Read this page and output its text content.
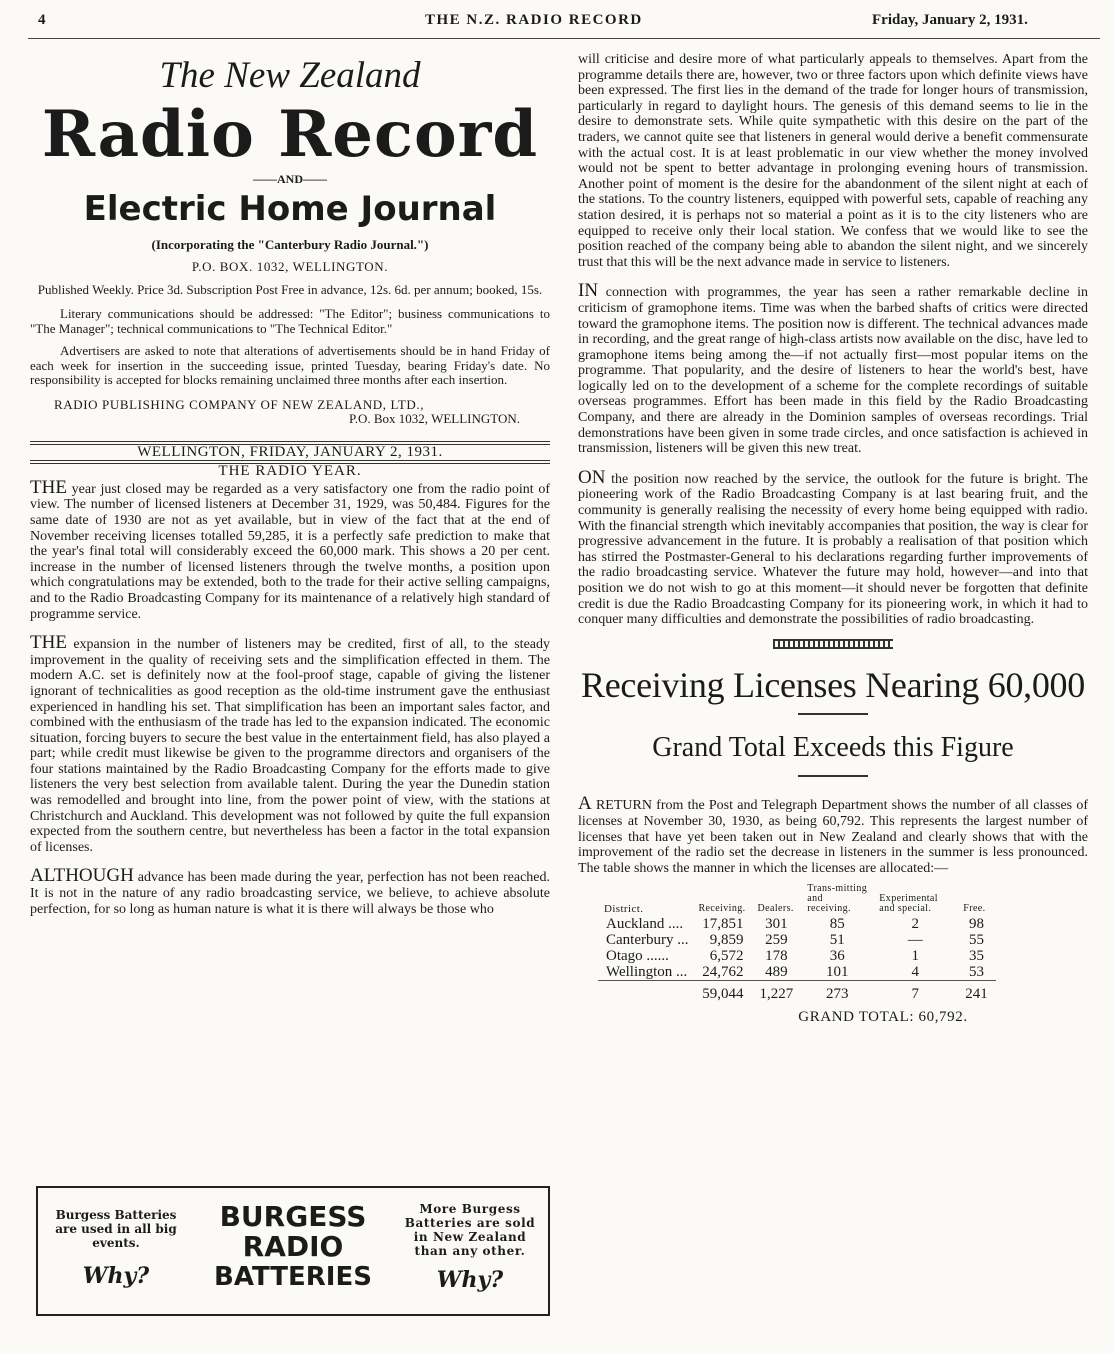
4	THE N.Z. RADIO RECORD	Friday, January 2, 1931.

The New Zealand

Radio Record

——AND——

Electric Home Journal

(Incorporating the "Canterbury Radio Journal.")

P.O. BOX. 1032, WELLINGTON.

Published Weekly. Price 3d. Subscription Post Free in advance, 12s. 6d. per annum; booked, 15s.

Literary communications should be addressed: "The Editor"; business communications to "The Manager"; technical communications to "The Technical Editor."

Advertisers are asked to note that alterations of advertisements should be in hand Friday of each week for insertion in the succeeding issue, printed Tuesday, bearing Friday's date. No responsibility is accepted for blocks remaining unclaimed three months after each insertion.

RADIO PUBLISHING COMPANY OF NEW ZEALAND, LTD.,

P.O. Box 1032, WELLINGTON.

WELLINGTON, FRIDAY, JANUARY 2, 1931.

THE RADIO YEAR.

THE year just closed may be regarded as a very satisfactory one from the radio point of view. The number of licensed listeners at December 31, 1929, was 50,484. Figures for the same date of 1930 are not as yet available, but in view of the fact that at the end of November receiving licenses totalled 59,285, it is a perfectly safe prediction to make that the year's final total will considerably exceed the 60,000 mark. This shows a 20 per cent. increase in the number of licensed listeners through the twelve months, a position upon which congratulations may be extended, both to the trade for their active selling campaigns, and to the Radio Broadcasting Company for its maintenance of a relatively high standard of programme service.

THE expansion in the number of listeners may be credited, first of all, to the steady improvement in the quality of receiving sets and the simplification effected in them. The modern A.C. set is definitely now at the fool-proof stage, capable of giving the listener ignorant of technicalities as good reception as the old-time instrument gave the enthusiast experienced in handling his set. That simplification has been an important sales factor, and combined with the enthusiasm of the trade has led to the expansion indicated. The economic situation, forcing buyers to secure the best value in the entertainment field, has also played a part; while credit must likewise be given to the programme directors and organisers of the four stations maintained by the Radio Broadcasting Company for the efforts made to give listeners the very best selection from available talent. During the year the Dunedin station was remodelled and brought into line, from the power point of view, with the stations at Christchurch and Auckland. This development was not followed by quite the full expansion expected from the southern centre, but nevertheless has been a factor in the total expansion of licenses.

ALTHOUGH advance has been made during the year, perfection has not been reached. It is not in the nature of any radio broadcasting service, we believe, to achieve absolute perfection, for so long as human nature is what it is there will always be those who

Burgess Batteries are used in all big events.
Why?
BURGESS
RADIO
BATTERIES
More Burgess Batteries are sold in New Zealand than any other.
Why?

will criticise and desire more of what particularly appeals to themselves. Apart from the programme details there are, however, two or three factors upon which definite views have been expressed. The first lies in the demand of the trade for longer hours of transmission, particularly in regard to daylight hours. The genesis of this demand seems to lie in the desire to demonstrate sets. While quite sympathetic with this desire on the part of the traders, we cannot quite see that listeners in general would derive a benefit commensurate with the actual cost. It is at least problematic in our view whether the money involved would not be spent to better advantage in prolonging evening hours of transmission. Another point of moment is the desire for the abandonment of the silent night at each of the stations. To the country listeners, equipped with powerful sets, capable of reaching any station desired, it is perhaps not so material a point as it is to the city listeners who are equipped to receive only their local station. We confess that we would like to see the position reached of the company being able to abandon the silent night, and we sincerely trust that this will be the next advance made in service to listeners.

IN connection with programmes, the year has seen a rather remarkable decline in criticism of gramophone items. Time was when the barbed shafts of critics were directed toward the gramophone items. The position now is different. The technical advances made in recording, and the great range of high-class artists now available on the disc, have led to gramophone items being among the—if not actually first—most popular items on the programme. That popularity, and the desire of listeners to hear the world's best, have logically led on to the development of a scheme for the complete recordings of suitable overseas programmes. Effort has been made in this field by the Radio Broadcasting Company, and there are already in the Dominion samples of overseas recordings. Trial demonstrations have been given in some trade circles, and once satisfaction is achieved in transmission, listeners will be given this new treat.

ON the position now reached by the service, the outlook for the future is bright. The pioneering work of the Radio Broadcasting Company is at last bearing fruit, and the community is generally realising the necessity of every home being equipped with radio. With the financial strength which inevitably accompanies that position, the way is clear for progressive advancement in the future. It is probably a realisation of that position which has stirred the Postmaster-General to his declarations regarding further improvements of the radio broadcasting service. Whatever the future may hold, however—and into that position we do not wish to go at this moment—it should never be forgotten that definite credit is due the Radio Broadcasting Company for its pioneering work, in which it had to conquer many difficulties and demonstrate the possibilities of radio broadcasting.

Receiving Licenses Nearing 60,000

Grand Total Exceeds this Figure

A RETURN from the Post and Telegraph Department shows the number of all classes of licenses at November 30, 1930, as being 60,792. This represents the largest number of licenses that have yet been taken out in New Zealand and clearly shows that with the improvement of the radio set the decrease in listeners in the summer is less pronounced. The table shows the manner in which the licenses are allocated:—

District.	Receiving.	Dealers.	Trans-mitting and receiving.	Experimental and special.	Free.
Auckland ....	17,851	301	85	2	98
Canterbury ...	9,859	259	51	—	55
Otago ......	6,572	178	36	1	35
Wellington ...	24,762	489	101	4	53
	59,044	1,227	273	7	241

GRAND TOTAL: 60,792.
